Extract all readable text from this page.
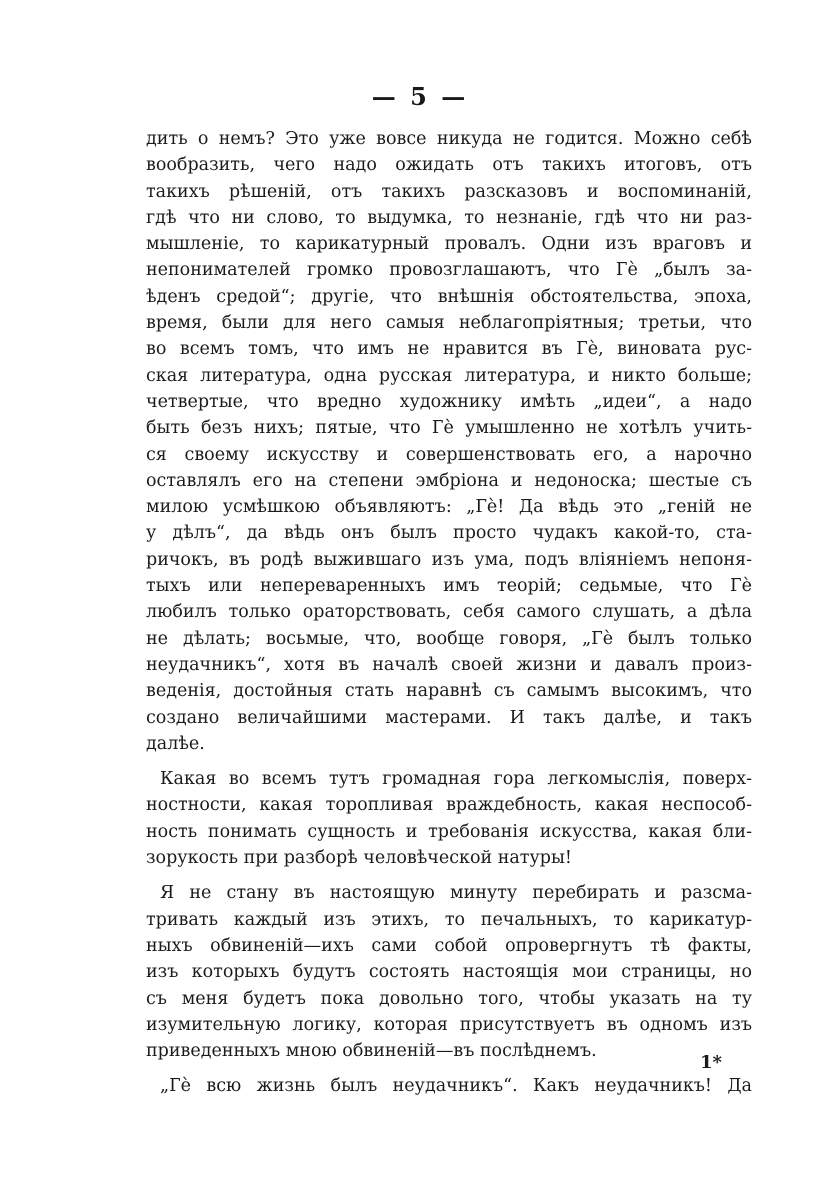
— 5 —
дить о немъ? Это уже вовсе никуда не годится. Можно себѣ
вообразить, чего надо ожидать отъ такихъ итоговъ, отъ
такихъ рѣшеній, отъ такихъ разсказовъ и воспоминаній,
гдѣ что ни слово, то выдумка, то незнаніе, гдѣ что ни раз-
мышленіе, то карикатурный провалъ. Одни изъ враговъ и
непонимателей громко провозглашаютъ, что Гè „былъ за-
ѣденъ средой“; другіе, что внѣшнія обстоятельства, эпоха,
время, были для него самыя неблагопріятныя; третьи, что
во всемъ томъ, что имъ не нравится въ Гè, виновата рус-
ская литература, одна русская литература, и никто больше;
четвертые, что вредно художнику имѣть „идеи“, а надо
быть безъ нихъ; пятые, что Гè умышленно не хотѣлъ учить-
ся своему искусству и совершенствовать его, а нарочно
оставлялъ его на степени эмбріона и недоноска; шестые съ
милою усмѣшкою объявляютъ: „Гè! Да вѣдь это „геній не
у дѣлъ“, да вѣдь онъ былъ просто чудакъ какой-то, ста-
ричокъ, въ родѣ выжившаго изъ ума, подъ вліяніемъ непоня-
тыхъ или непереваренныхъ имъ теорій; седьмые, что Гè
любилъ только ораторствовать, себя самого слушать, а дѣла
не дѣлать; восьмые, что, вообще говоря, „Гè былъ только
неудачникъ“, хотя въ началѣ своей жизни и давалъ произ-
веденія, достойныя стать наравнѣ съ самымъ высокимъ, что
создано величайшими мастерами. И такъ далѣе, и такъ
далѣе.
Какая во всемъ тутъ громадная гора легкомыслія, поверх-
ностности, какая торопливая враждебность, какая неспособ-
ность понимать сущность и требованія искусства, какая бли-
зорукость при разборѣ человѣческой натуры!
Я не стану въ настоящую минуту перебирать и разсма-
тривать каждый изъ этихъ, то печальныхъ, то карикатур-
ныхъ обвиненій—ихъ сами собой опровергнутъ тѣ факты,
изъ которыхъ будутъ состоять настоящія мои страницы, но
съ меня будетъ пока довольно того, чтобы указать на ту
изумительную логику, которая присутствуетъ въ одномъ изъ
приведенныхъ мною обвиненій—въ послѣднемъ.
„Гè всю жизнь былъ неудачникъ“. Какъ неудачникъ! Да
1*
